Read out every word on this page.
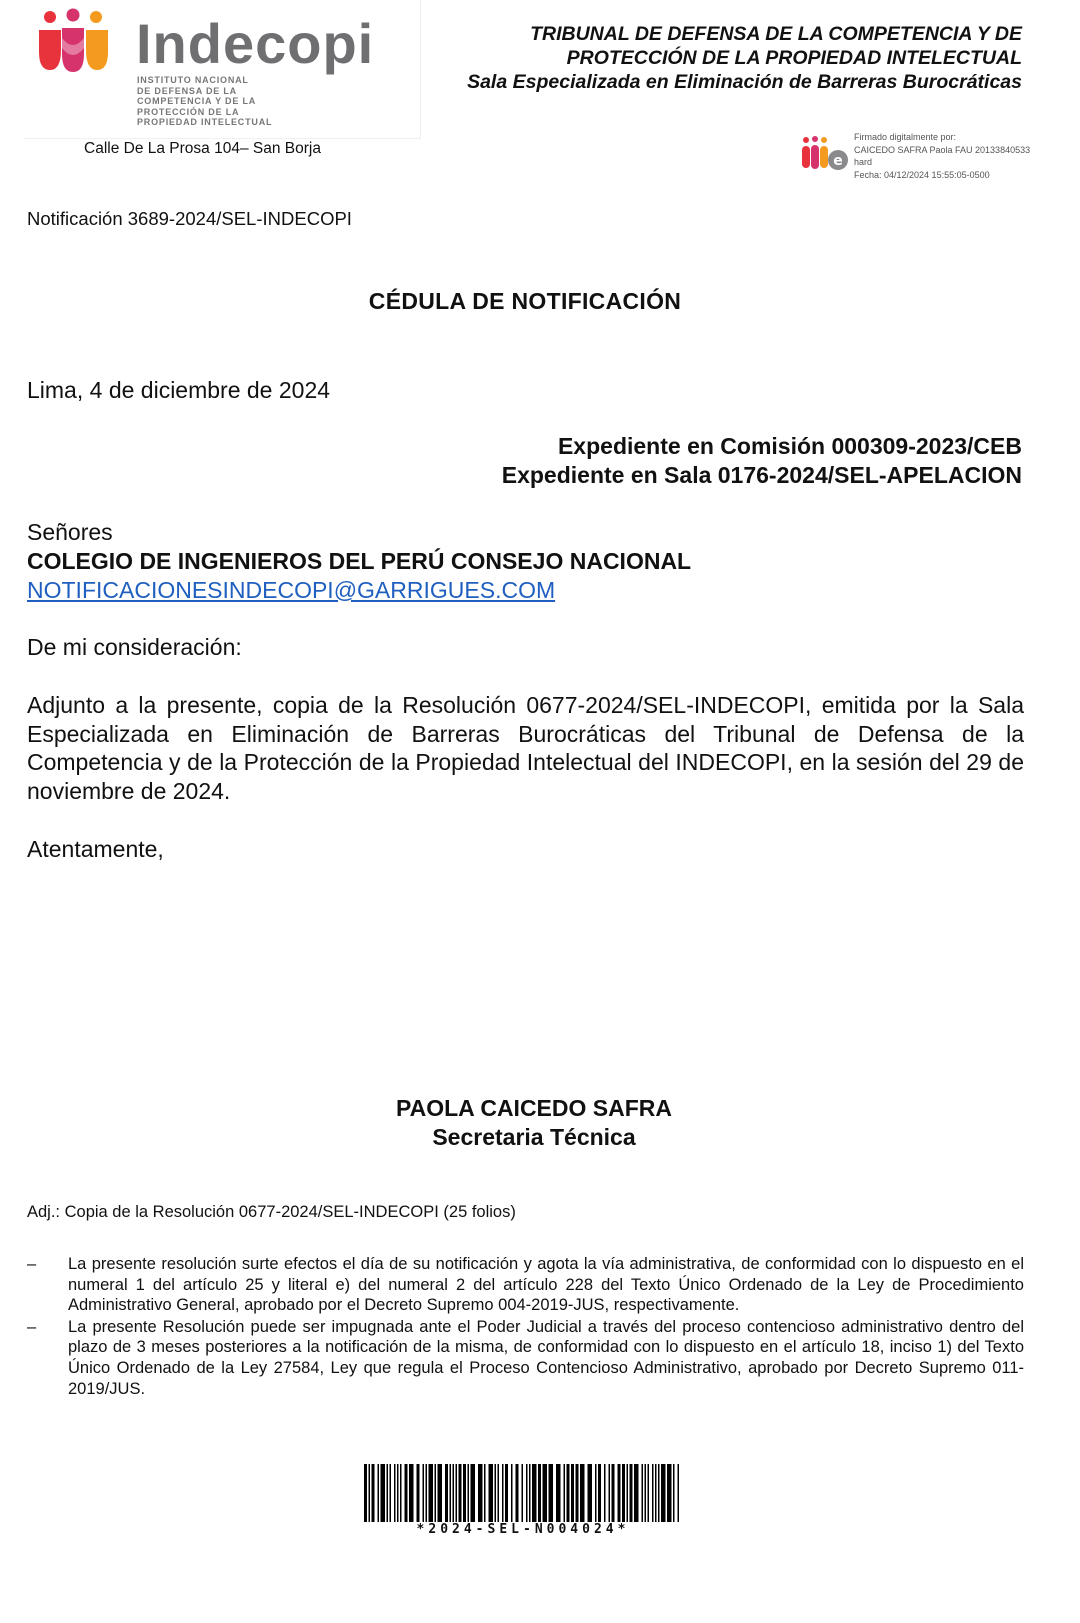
Indecopi
INSTITUTO NACIONAL
DE DEFENSA DE LA
COMPETENCIA Y DE LA
PROTECCIÓN DE LA
PROPIEDAD INTELECTUAL
TRIBUNAL DE DEFENSA DE LA COMPETENCIA Y DE
PROTECCIÓN DE LA PROPIEDAD INTELECTUAL
Sala Especializada en Eliminación de Barreras Burocráticas
Calle De La Prosa 104– San Borja
e
Firmado digitalmente por:
CAICEDO SAFRA Paola FAU 20133840533
hard
Fecha: 04/12/2024 15:55:05-0500
Notificación 3689-2024/SEL-INDECOPI
CÉDULA DE NOTIFICACIÓN
Lima, 4 de diciembre de 2024
Expediente en Comisión 000309-2023/CEB
Expediente en Sala 0176-2024/SEL-APELACION
Señores
COLEGIO DE INGENIEROS DEL PERÚ CONSEJO NACIONAL
NOTIFICACIONESINDECOPI@GARRIGUES.COM
De mi consideración:
Adjunto a la presente, copia de la Resolución 0677-2024/SEL-INDECOPI, emitida por la Sala Especializada en Eliminación de Barreras Burocráticas del Tribunal de Defensa de la Competencia y de la Protección de la Propiedad Intelectual del INDECOPI, en la sesión del 29 de noviembre de 2024.
Atentamente,
PAOLA CAICEDO SAFRA
Secretaria Técnica
Adj.: Copia de la Resolución 0677-2024/SEL-INDECOPI (25 folios)
–	La presente resolución surte efectos el día de su notificación y agota la vía administrativa, de conformidad con lo dispuesto en el numeral 1 del artículo 25 y literal e) del numeral 2 del artículo 228 del Texto Único Ordenado de la Ley de Procedimiento Administrativo General, aprobado por el Decreto Supremo 004-2019-JUS, respectivamente.
–	La presente Resolución puede ser impugnada ante el Poder Judicial a través del proceso contencioso administrativo dentro del plazo de 3 meses posteriores a la notificación de la misma, de conformidad con lo dispuesto en el artículo 18, inciso 1) del Texto Único Ordenado de la Ley 27584, Ley que regula el Proceso Contencioso Administrativo, aprobado por Decreto Supremo 011-2019/JUS.
*2024-SEL-N004024*
